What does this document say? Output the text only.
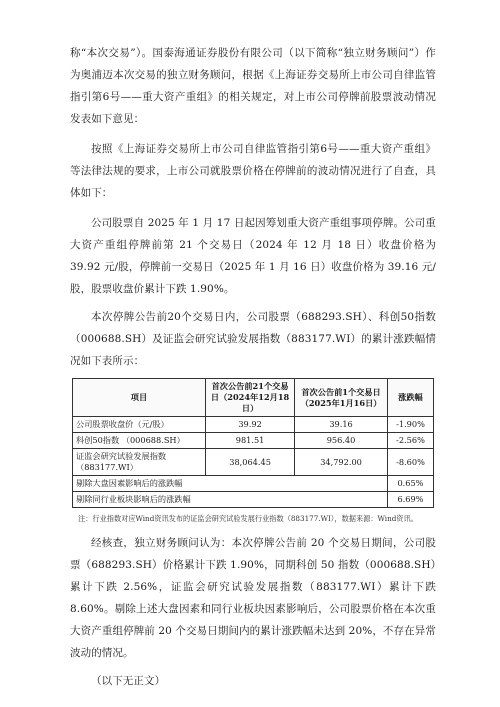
称“本次交易”）。国泰海通证券股份有限公司（以下简称“独立财务顾问”）作为奥浦迈本次交易的独立财务顾问，根据《上海证券交易所上市公司自律监管指引第6号——重大资产重组》的相关规定，对上市公司停牌前股票波动情况发表如下意见：

按照《上海证券交易所上市公司自律监管指引第6号——重大资产重组》等法律法规的要求，上市公司就股票价格在停牌前的波动情况进行了自查，具体如下：

公司股票自 2025 年 1 月 17 日起因筹划重大资产重组事项停牌。公司重大资产重组停牌前第 21 个交易日（2024 年 12 月 18 日）收盘价格为 39.92 元/股，停牌前一交易日（2025 年 1 月 16 日）收盘价格为 39.16 元/股，股票收盘价累计下跌 1.90%。

本次停牌公告前20个交易日内，公司股票（688293.SH）、科创50指数（000688.SH）及证监会研究试验发展指数（883177.WI）的累计涨跌幅情况如下表所示：

项目	首次公告前21个交易日（2024年12月18日）	首次公告前1个交易日（2025年1月16日）	涨跌幅
公司股票收盘价（元/股）	39.92	39.16	-1.90%
科创50指数 （000688.SH）	981.51	956.40	-2.56%
证监会研究试验发展指数（883177.WI）	38,064.45	34,792.00	-8.60%
剔除大盘因素影响后的涨跌幅			0.65%
剔除同行业板块影响后的涨跌幅			6.69%

注：行业指数对应Wind资讯发布的证监会研究试验发展行业指数（883177.WI），数据来源：Wind资讯。

经核查，独立财务顾问认为：本次停牌公告前 20 个交易日期间，公司股票（688293.SH）价格累计下跌 1.90%，同期科创 50 指数（000688.SH）累计下跌 2.56%，证监会研究试验发展指数（883177.WI）累计下跌 8.60%。剔除上述大盘因素和同行业板块因素影响后，公司股票价格在本次重大资产重组停牌前 20 个交易日期间内的累计涨跌幅未达到 20%，不存在异常波动的情况。

（以下无正文）
